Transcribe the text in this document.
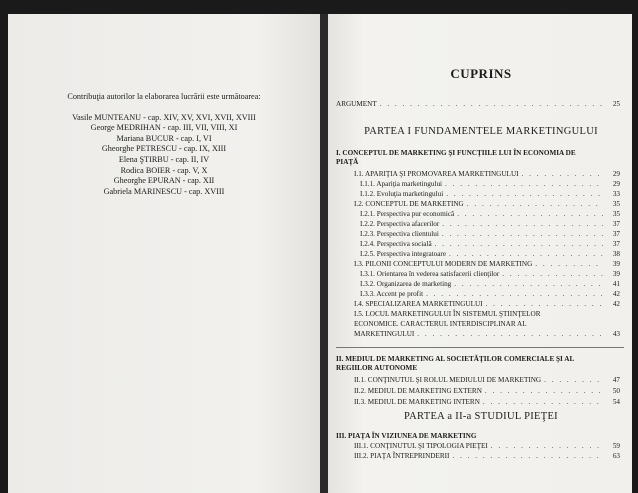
Contribuţia autorilor la elaborarea lucrării este următoarea:
Vasile MUNTEANU - cap. XIV, XV, XVI, XVII, XVIII
George MEDRIHAN - cap. III, VII, VIII, XI
Mariana BUCUR - cap. I, VI
Gheorghe PETRESCU - cap. IX, XIII
Elena ŞTIRBU - cap. II, IV
Rodica BOIER - cap. V, X
Gheorghe EPURAN - cap. XII
Gabriela MARINESCU - cap. XVIII
CUPRINS
ARGUMENT . . .	25
PARTEA I FUNDAMENTELE MARKETINGULUI
I. CONCEPTUL DE MARKETING ŞI FUNCŢIILE LUI ÎN ECONOMIA DE
PIAŢĂ
I.1. APARIŢIA ŞI PROMOVAREA MARKETINGULUI . . .	29
I.1.1. Apariţia marketingului . . .	29
I.1.2. Evoluţia marketingului . . .	33
I.2. CONCEPTUL DE MARKETING . . .	35
I.2.1. Perspectiva pur economică . . .	35
I.2.2. Perspectiva afacerilor . . .	37
I.2.3. Perspectiva clientului . . .	37
I.2.4. Perspectiva socială . . .	37
I.2.5. Perspectiva integratoare . . .	38
I.3. PILONII CONCEPTULUI MODERN DE MARKETING . . .	39
I.3.1. Orientarea în vederea satisfacerii clienţilor . . .	39
I.3.2. Organizarea de marketing . . .	41
I.3.3. Accent pe profit . . .	42
I.4. SPECIALIZAREA MARKETINGULUI . . .	42
I.5. LOCUL MARKETINGULUI ÎN SISTEMUL ŞTIINŢELOR
ECONOMICE. CARACTERUL INTERDISCIPLINAR AL
MARKETINGULUI . . .	43
II. MEDIUL DE MARKETING AL SOCIETĂŢILOR COMERCIALE ŞI AL
REGIILOR AUTONOME
II.1. CONŢINUTUL ŞI ROLUL MEDIULUI DE MARKETING . . .	47
II.2. MEDIUL DE MARKETING EXTERN . . .	50
II.3. MEDIUL DE MARKETING INTERN . . .	54
PARTEA a II-a STUDIUL PIEŢEI
III. PIAŢA ÎN VIZIUNEA DE MARKETING
III.1. CONŢINUTUL ŞI TIPOLOGIA PIEŢEI . . .	59
III.2. PIAŢA ÎNTREPRINDERII . . .	63
